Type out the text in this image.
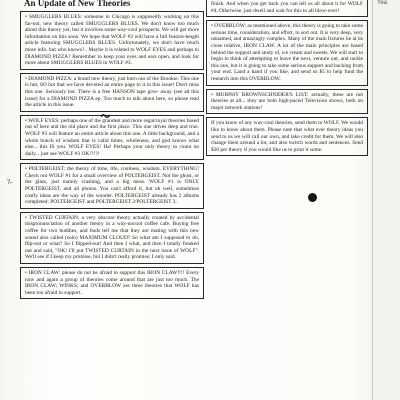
An Update of New Theories

• SMUGGLERS BLUES: someone in Chicago is supposedly working on this far-out, new theory called SMUGGLERS BLUES. We don't know too much about this theory yet, but it involves some way-cool prospects. We will get more information on this soon. We hope that WOLF #3 will have a full feature-length article featuring SMUGGLERS BLUES. Unfortunately, we don't have much more info. but who knows?.. Maybe it is related to WOLF EYES and perhaps to DIAMOND PIZZA? Remember to keep your eyes and ears open, and look for more about SMUGGLERS BLUES in WOLF #3.

• DIAMOND PIZZA: a brand new theory, just born out of the Brookie. This one is hot, SO hot that we have devoted an entire page to it in this issue! Don't miss this one. Seriously hot. There is a free HANSON tape give- away (see ad this issue) for a DIAMOND PIZZA ep. Too much to talk about here, so please read the article in this issue.

• WOLF EYES: perhaps one of the grandest and more regal/royal theories based out of here and the old place and the first place. This one drives deep and true. WOLF #3 will feature an entire article about this one. A little background, and a whole bunch of wisdom that is valid times, wholeness, and god knows what else... this IS you. WOLF EYES! Ha! Perhaps your only theory to count on daily... just see WOLF #3 OK!?!?!

• POLTERGEIST: the theory of time, life, coolness, wisdom, EVERYTHING! Check out WOLF #1 for a small overview of POLTERGEIST. Not the ghost, or the glass, just mainly crashing, and a big mess. WOLF #1 is ONLY POLTERGEIST, and all photos. You can't afford it, but oh well, sometimes costly ideas are the way of the wonder. POLTERGEIST already has 2 albums completed: POLTERGEIST and POLTERGEIST 2/POLTERGEIST 3.

• TWISTED CURTAIN: a very obscure theory actually created by accidental mispronunciation of another theory in a way-uncool coffee cafe. Buying free coffee for two buddies, and buds tell me that they are mating with this new sound also called (solo) MAXIMUM CLOUD? So what am I supposed to do, flip-out or what? So I flipped-out! And then I what, and then I totally freaked out and said, "OK! I'll put TWISTED CURTAIN in the next issue of WOLF". We'll see if I keep my promise, but I didn't really promise; I only said.

• IRON CLAW: please do not be afraid to support this IRON CLAW!!!! Every now and again a group of theories come around that are just too much. The IRON CLAW; WINKS; and OVERBLOW are three theories that WOLF has been too afraid to support.

finish. And when you get back you can tell us all about it for WOLF #4. Otherwise, just dwell and wait for this to all blow-over!

• OVERBLOW: as mentioned above, this theory is going to take some serious time, consideration, and effort, to sort out. It is very deep, very unnamed, and amazingly complex. Many of the main fixtures lie at its close relative, IRON CLAW. A lot of the main principles are based behind the support and study of, ice cream and sweets. We will start to begin to think of attempting to leave the next, venture out, and tackle this one, but it is going to take some serious support and backing from your end. Land a hand if you like, and send us $5 to help fund the research into this OVERBLOW.

• MURPHY BROWNSCHNIDER'S LIST: actually, these are not theories at all... they are both high-paced Television shows, both on major network stations!

If you know of any way-cool theories, send them to WOLF. We would like to know about them. Please note that what ever theory ideas you send to us we will call our own, and take credit for them. We will also change them around a lot, and also switch words and sentences. Send $20 per theory if you would like us to print it some.

?-
Yea
